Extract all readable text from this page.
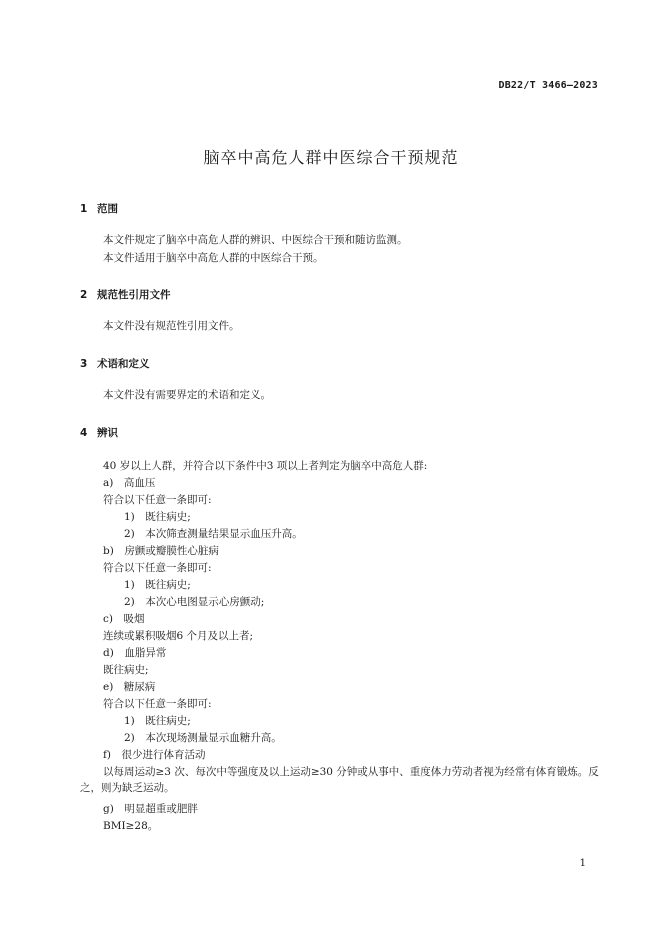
DB22/T 3466—2023
脑卒中高危人群中医综合干预规范
1 范围
本文件规定了脑卒中高危人群的辨识、中医综合干预和随访监测。
本文件适用于脑卒中高危人群的中医综合干预。
2 规范性引用文件
本文件没有规范性引用文件。
3 术语和定义
本文件没有需要界定的术语和定义。
4 辨识
40 岁以上人群，并符合以下条件中3 项以上者判定为脑卒中高危人群:
a)　高血压
符合以下任意一条即可:
1)　既往病史;
2)　本次筛查测量结果显示血压升高。
b)　房颤或瓣膜性心脏病
符合以下任意一条即可:
1)　既往病史;
2)　本次心电图显示心房颤动;
c)　吸烟
连续或累积吸烟6 个月及以上者;
d)　血脂异常
既往病史;
e)　糖尿病
符合以下任意一条即可:
1)　既往病史;
2)　本次现场测量显示血糖升高。
f)　很少进行体育活动
以每周运动≥3 次、每次中等强度及以上运动≥30 分钟或从事中、重度体力劳动者视为经常有体育锻炼。反之，则为缺乏运动。
g)　明显超重或肥胖
BMI≥28。
1
